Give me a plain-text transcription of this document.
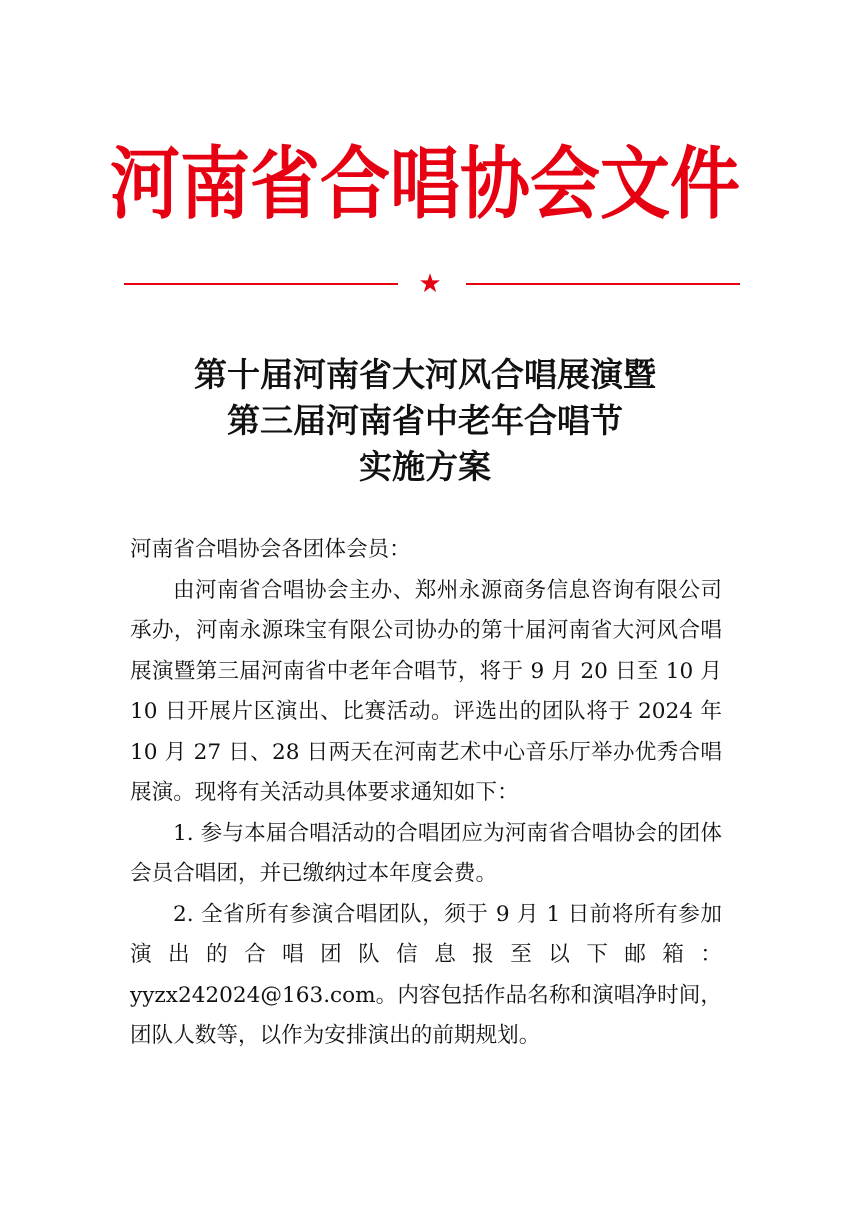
河南省合唱协会文件
★
第十届河南省大河风合唱展演暨
第三届河南省中老年合唱节
实施方案

河南省合唱协会各团体会员：

由河南省合唱协会主办、郑州永源商务信息咨询有限公司承办，河南永源珠宝有限公司协办的第十届河南省大河风合唱展演暨第三届河南省中老年合唱节，将于 9 月 20 日至 10 月 10 日开展片区演出、比赛活动。评选出的团队将于 2024 年 10 月 27 日、28 日两天在河南艺术中心音乐厅举办优秀合唱展演。现将有关活动具体要求通知如下：

1. 参与本届合唱活动的合唱团应为河南省合唱协会的团体会员合唱团，并已缴纳过本年度会费。

2. 全省所有参演合唱团队，须于 9 月 1 日前将所有参加演出的合唱团队信息报至以下邮箱：yyzx242024@163.com。内容包括作品名称和演唱净时间，团队人数等，以作为安排演出的前期规划。
